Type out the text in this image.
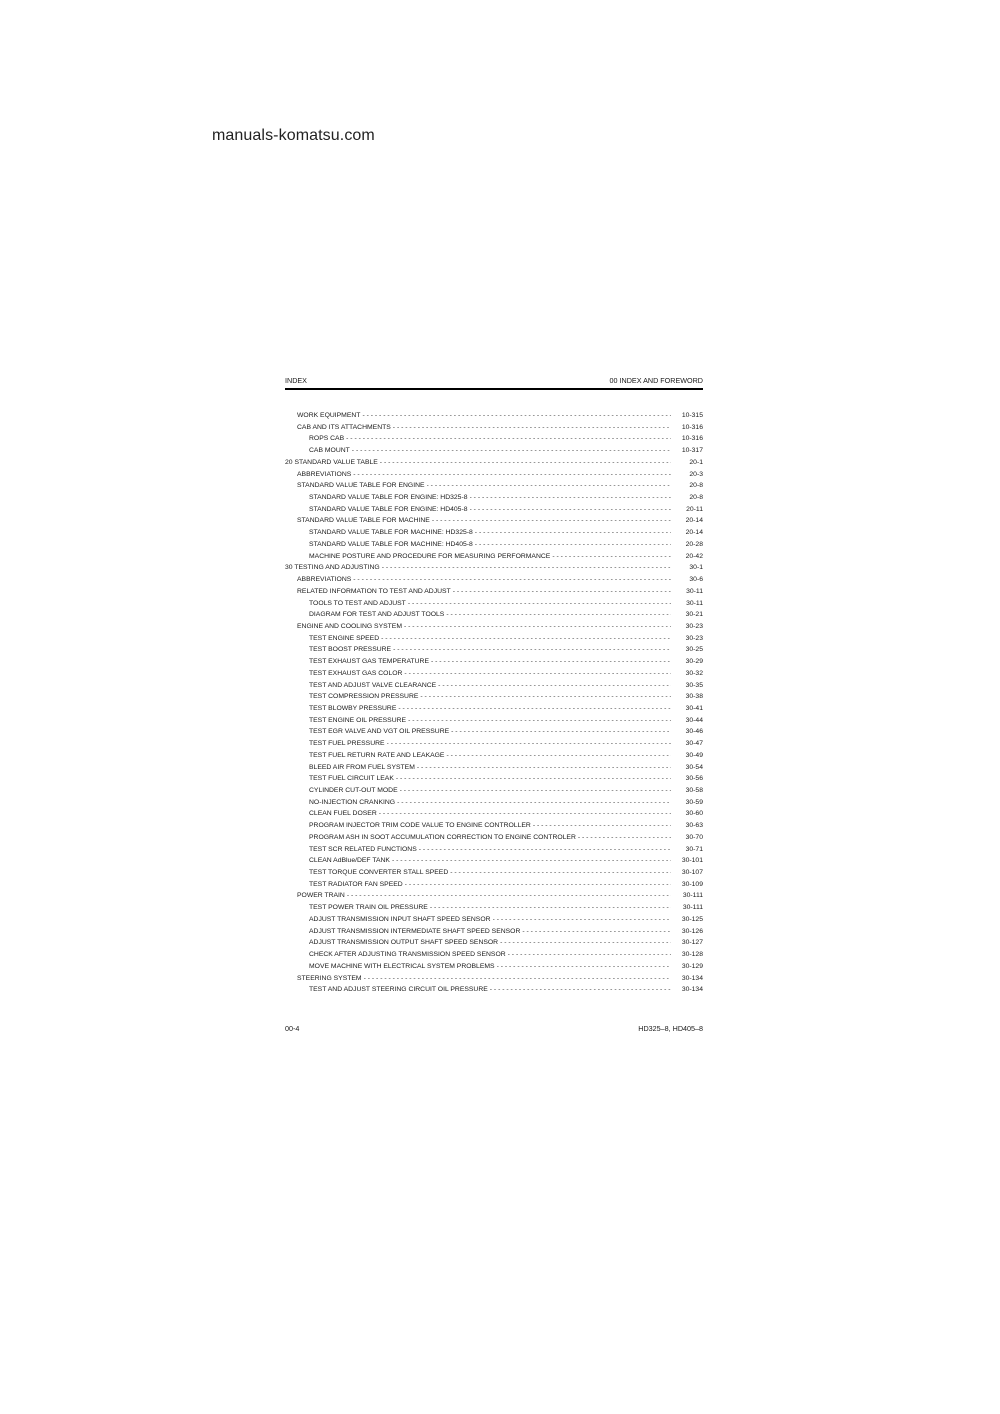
manuals-komatsu.com
INDEX	00 INDEX AND FOREWORD
WORK EQUIPMENT - - -	10-315
CAB AND ITS ATTACHMENTS - - -	10-316
ROPS CAB - - -	10-316
CAB MOUNT - - -	10-317
20 STANDARD VALUE TABLE - - -	20-1
ABBREVIATIONS - - -	20-3
STANDARD VALUE TABLE FOR ENGINE - - -	20-8
STANDARD VALUE TABLE FOR ENGINE: HD325-8 - - -	20-8
STANDARD VALUE TABLE FOR ENGINE: HD405-8 - - -	20-11
STANDARD VALUE TABLE FOR MACHINE - - -	20-14
STANDARD VALUE TABLE FOR MACHINE: HD325-8 - - -	20-14
STANDARD VALUE TABLE FOR MACHINE: HD405-8 - - -	20-28
MACHINE POSTURE AND PROCEDURE FOR MEASURING PERFORMANCE - - -	20-42
30 TESTING AND ADJUSTING - - -	30-1
ABBREVIATIONS - - -	30-6
RELATED INFORMATION TO TEST AND ADJUST - - -	30-11
TOOLS TO TEST AND ADJUST - - -	30-11
DIAGRAM FOR TEST AND ADJUST TOOLS - - -	30-21
ENGINE AND COOLING SYSTEM - - -	30-23
TEST ENGINE SPEED - - -	30-23
TEST BOOST PRESSURE - - -	30-25
TEST EXHAUST GAS TEMPERATURE - - -	30-29
TEST EXHAUST GAS COLOR - - -	30-32
TEST AND ADJUST VALVE CLEARANCE - - -	30-35
TEST COMPRESSION PRESSURE - - -	30-38
TEST BLOWBY PRESSURE - - -	30-41
TEST ENGINE OIL PRESSURE - - -	30-44
TEST EGR VALVE AND VGT OIL PRESSURE - - -	30-46
TEST FUEL PRESSURE - - -	30-47
TEST FUEL RETURN RATE AND LEAKAGE - - -	30-49
BLEED AIR FROM FUEL SYSTEM - - -	30-54
TEST FUEL CIRCUIT LEAK - - -	30-56
CYLINDER CUT-OUT MODE - - -	30-58
NO-INJECTION CRANKING - - -	30-59
CLEAN FUEL DOSER - - -	30-60
PROGRAM INJECTOR TRIM CODE VALUE TO ENGINE CONTROLLER - - -	30-63
PROGRAM ASH IN SOOT ACCUMULATION CORRECTION TO ENGINE CONTROLER - - -	30-70
TEST SCR RELATED FUNCTIONS - - -	30-71
CLEAN AdBlue/DEF TANK - - -	30-101
TEST TORQUE CONVERTER STALL SPEED - - -	30-107
TEST RADIATOR FAN SPEED - - -	30-109
POWER TRAIN - - -	30-111
TEST POWER TRAIN OIL PRESSURE - - -	30-111
ADJUST TRANSMISSION INPUT SHAFT SPEED SENSOR - - -	30-125
ADJUST TRANSMISSION INTERMEDIATE SHAFT SPEED SENSOR - - -	30-126
ADJUST TRANSMISSION OUTPUT SHAFT SPEED SENSOR - - -	30-127
CHECK AFTER ADJUSTING TRANSMISSION SPEED SENSOR - - -	30-128
MOVE MACHINE WITH ELECTRICAL SYSTEM PROBLEMS - - -	30-129
STEERING SYSTEM - - -	30-134
TEST AND ADJUST STEERING CIRCUIT OIL PRESSURE - - -	30-134
00-4	HD325–8, HD405–8
